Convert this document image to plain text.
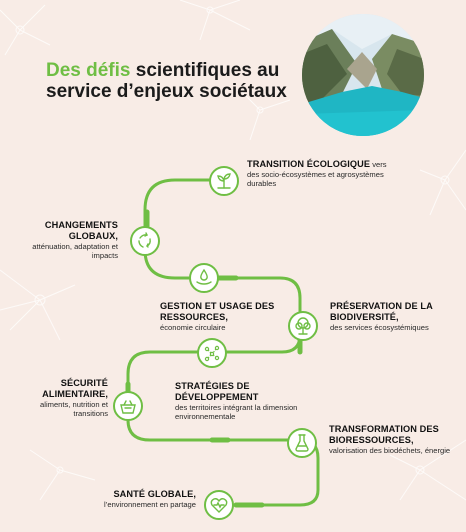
Des défis scientifiques au service d’enjeux sociétaux
TRANSITION ÉCOLOGIQUE vers des socio-écosystèmes et agrosystèmes durables
CHANGEMENTS GLOBAUX,
atténuation, adaptation et impacts
GESTION ET USAGE DES RESSOURCES,
économie circulaire
PRÉSERVATION DE LA BIODIVERSITÉ,
des services écosystémiques
SÉCURITÉ ALIMENTAIRE,
aliments, nutrition et transitions
STRATÉGIES DE DÉVELOPPEMENT
des territoires intégrant la dimension environnementale
TRANSFORMATION DES BIORESSOURCES,
valorisation des biodéchets, énergie
SANTÉ GLOBALE,
l’environnement en partage
